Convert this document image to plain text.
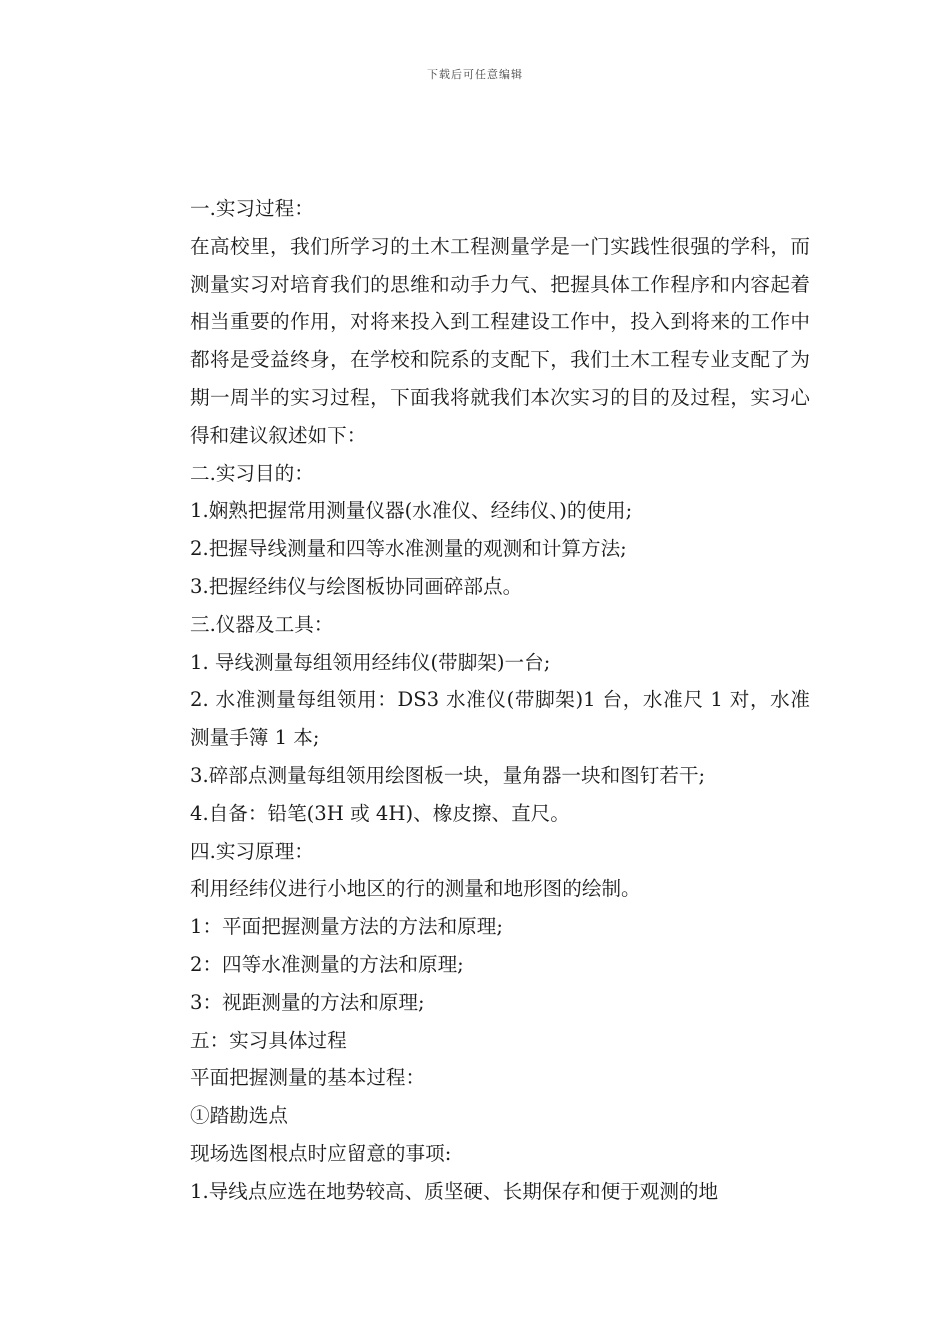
下载后可任意编辑

一.实习过程：

在高校里，我们所学习的土木工程测量学是一门实践性很强的学科，而测量实习对培育我们的思维和动手力气、把握具体工作程序和内容起着相当重要的作用，对将来投入到工程建设工作中，投入到将来的工作中都将是受益终身，在学校和院系的支配下，我们土木工程专业支配了为期一周半的实习过程，下面我将就我们本次实习的目的及过程，实习心得和建议叙述如下：

二.实习目的：

1.娴熟把握常用测量仪器(水准仪、经纬仪、)的使用;

2.把握导线测量和四等水准测量的观测和计算方法;

3.把握经纬仪与绘图板协同画碎部点。

三.仪器及工具：

1. 导线测量每组领用经纬仪(带脚架)一台;

2. 水准测量每组领用：DS3 水准仪(带脚架)1 台，水准尺 1 对，水准测量手簿 1 本;

3.碎部点测量每组领用绘图板一块，量角器一块和图钉若干;

4.自备：铅笔(3H 或 4H)、橡皮擦、直尺。

四.实习原理：

利用经纬仪进行小地区的行的测量和地形图的绘制。

1：平面把握测量方法的方法和原理;

2：四等水准测量的方法和原理;

3：视距测量的方法和原理;

五：实习具体过程

平面把握测量的基本过程：

①踏勘选点

现场选图根点时应留意的事项:

1.导线点应选在地势较高、质坚硬、长期保存和便于观测的地
